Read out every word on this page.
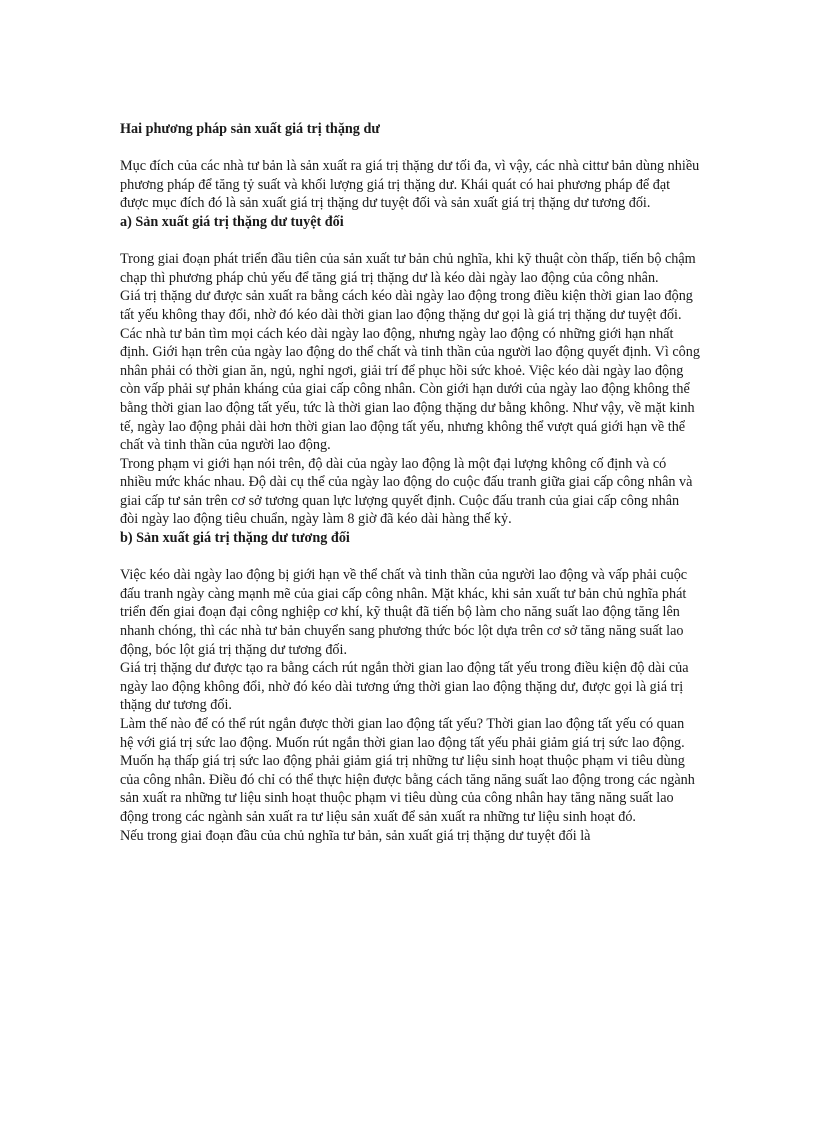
Hai phương pháp sản xuất giá trị thặng dư

Mục đích của các nhà tư bản là sản xuất ra giá trị thặng dư tối đa, vì vậy, các nhà cittư bản dùng nhiều phương pháp để tăng tỷ suất và khối lượng giá trị thặng dư. Khái quát có hai phương pháp để đạt được mục đích đó là sản xuất giá trị thặng dư tuyệt đối và sản xuất giá trị thặng dư tương đối.

a) Sản xuất giá trị thặng dư tuyệt đối

Trong giai đoạn phát triển đầu tiên của sản xuất tư bản chủ nghĩa, khi kỹ thuật còn thấp, tiến bộ chậm chạp thì phương pháp chủ yếu để tăng giá trị thặng dư là kéo dài ngày lao động của công nhân.

Giá trị thặng dư được sản xuất ra bằng cách kéo dài ngày lao động trong điều kiện thời gian lao động tất yếu không thay đổi, nhờ đó kéo dài thời gian lao động thặng dư gọi là giá trị thặng dư tuyệt đối.

Các nhà tư bản tìm mọi cách kéo dài ngày lao động, nhưng ngày lao động có những giới hạn nhất định. Giới hạn trên của ngày lao động do thể chất và tinh thần của người lao động quyết định. Vì công nhân phải có thời gian ăn, ngủ, nghỉ ngơi, giải trí để phục hồi sức khoẻ. Việc kéo dài ngày lao động còn vấp phải sự phản kháng của giai cấp công nhân. Còn giới hạn dưới của ngày lao động không thể bằng thời gian lao động tất yếu, tức là thời gian lao động thặng dư bằng không. Như vậy, về mặt kinh tế, ngày lao động phải dài hơn thời gian lao động tất yếu, nhưng không thể vượt quá giới hạn về thể chất và tinh thần của người lao động.

Trong phạm vi giới hạn nói trên, độ dài của ngày lao động là một đại lượng không cố định và có nhiều mức khác nhau. Độ dài cụ thể của ngày lao động do cuộc đấu tranh giữa giai cấp công nhân và giai cấp tư sản trên cơ sở tương quan lực lượng quyết định. Cuộc đấu tranh của giai cấp công nhân đòi ngày lao động tiêu chuẩn, ngày làm 8 giờ đã kéo dài hàng thế kỷ.

b) Sản xuất giá trị thặng dư tương đối

Việc kéo dài ngày lao động bị giới hạn về thể chất và tinh thần của người lao động và vấp phải cuộc đấu tranh ngày càng mạnh mẽ của giai cấp công nhân. Mặt khác, khi sản xuất tư bản chủ nghĩa phát triển đến giai đoạn đại công nghiệp cơ khí, kỹ thuật đã tiến bộ làm cho năng suất lao động tăng lên nhanh chóng, thì các nhà tư bản chuyển sang phương thức bóc lột dựa trên cơ sở tăng năng suất lao động, bóc lột giá trị thặng dư tương đối.

Giá trị thặng dư được tạo ra bằng cách rút ngắn thời gian lao động tất yếu trong điều kiện độ dài của ngày lao động không đổi, nhờ đó kéo dài tương ứng thời gian lao động thặng dư, được gọi là giá trị thặng dư tương đối.

Làm thế nào để có thể rút ngắn được thời gian lao động tất yếu? Thời gian lao động tất yếu có quan hệ với giá trị sức lao động. Muốn rút ngắn thời gian lao động tất yếu phải giảm giá trị sức lao động. Muốn hạ thấp giá trị sức lao động phải giảm giá trị những tư liệu sinh hoạt thuộc phạm vi tiêu dùng của công nhân. Điều đó chỉ có thể thực hiện được bằng cách tăng năng suất lao động trong các ngành sản xuất ra những tư liệu sinh hoạt thuộc phạm vi tiêu dùng của công nhân hay tăng năng suất lao động trong các ngành sản xuất ra tư liệu sản xuất để sản xuất ra những tư liệu sinh hoạt đó.

Nếu trong giai đoạn đầu của chủ nghĩa tư bản, sản xuất giá trị thặng dư tuyệt đối là
